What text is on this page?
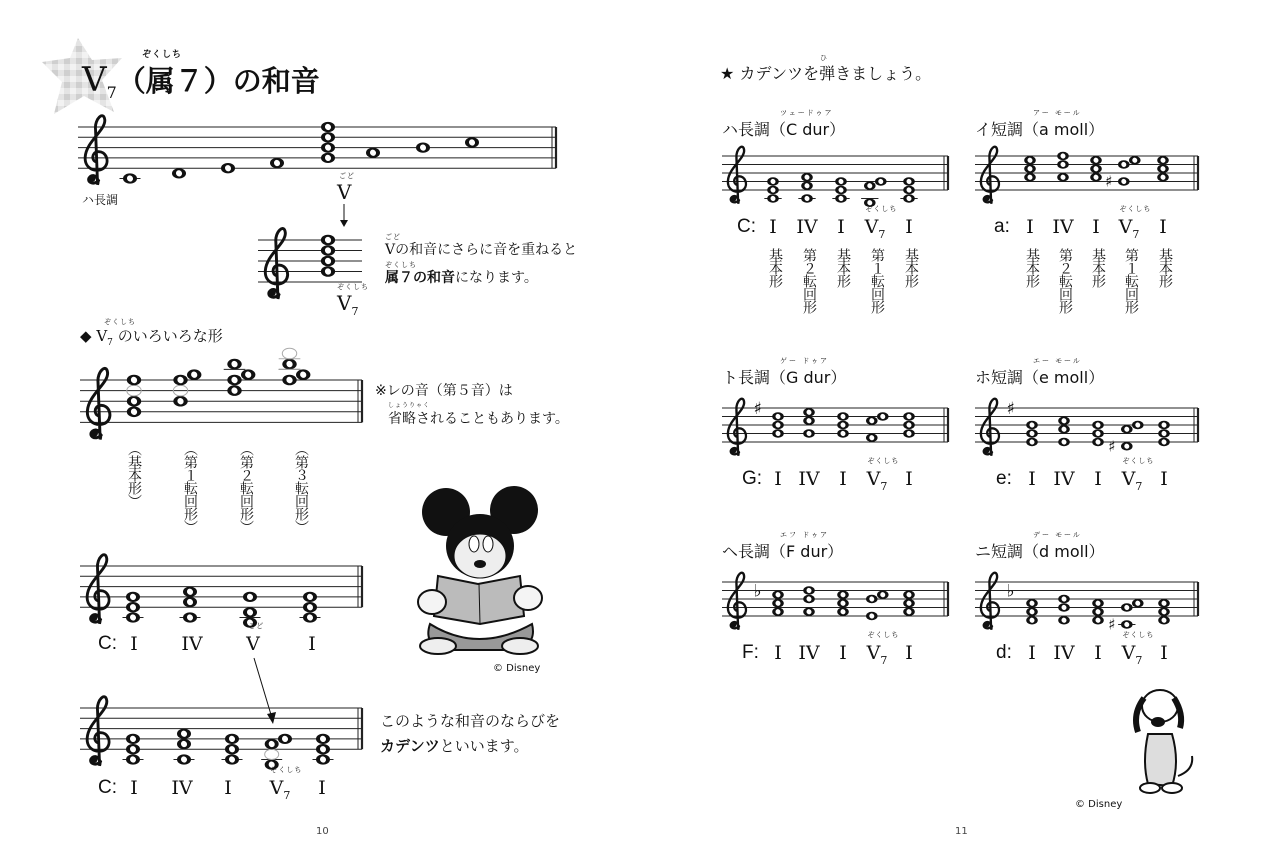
♯
♯	♯
♯
♭	♭
♯
ぞくしち
$V_7$（属７）の和音
ハ長調
ごど
V
ぞくしち
$V_7$
ごど
Vの和音にさらに音を重ねると
ぞくしち
属７の和音になります。
◆
ぞくしち
$V_7$ のいろいろな形
※レの音（第５音）は
しょうりゃく
省略されることもあります。
（基本形）	（第１転回形）	（第２転回形）	（第３転回形）
C: I	IV
ごど
V	I
C: I	IV	I
ぞくしち
$V_7$	I
このような和音のならびを
カデンツといいます。
© Disney
10
★
ひ
カデンツを弾きましょう。
ツェードゥア
ハ長調（C dur）
C: I	IV	I
ぞくしち
$V_7$	I
基本形 第２転回形 基本形 第１転回形 基本形
アー モール
イ短調（a moll）
a: I IV I
ぞくしち
$V_7$	I
基本形 第２転回形 基本形 第１転回形 基本形
ゲー ドゥア
ト長調（G dur）
G: I IV	I
ぞくしち
$V_7$ I
エー モール
ホ短調（e moll）
e: I IV	I
ぞくしち
$V_7$ I
エフ ドゥア
ヘ長調（F dur）
F: I IV	I
ぞくしち
$V_7$ I
デー モール
ニ短調（d moll）
d: I IV	I
ぞくしち
$V_7$ I
© Disney
11
